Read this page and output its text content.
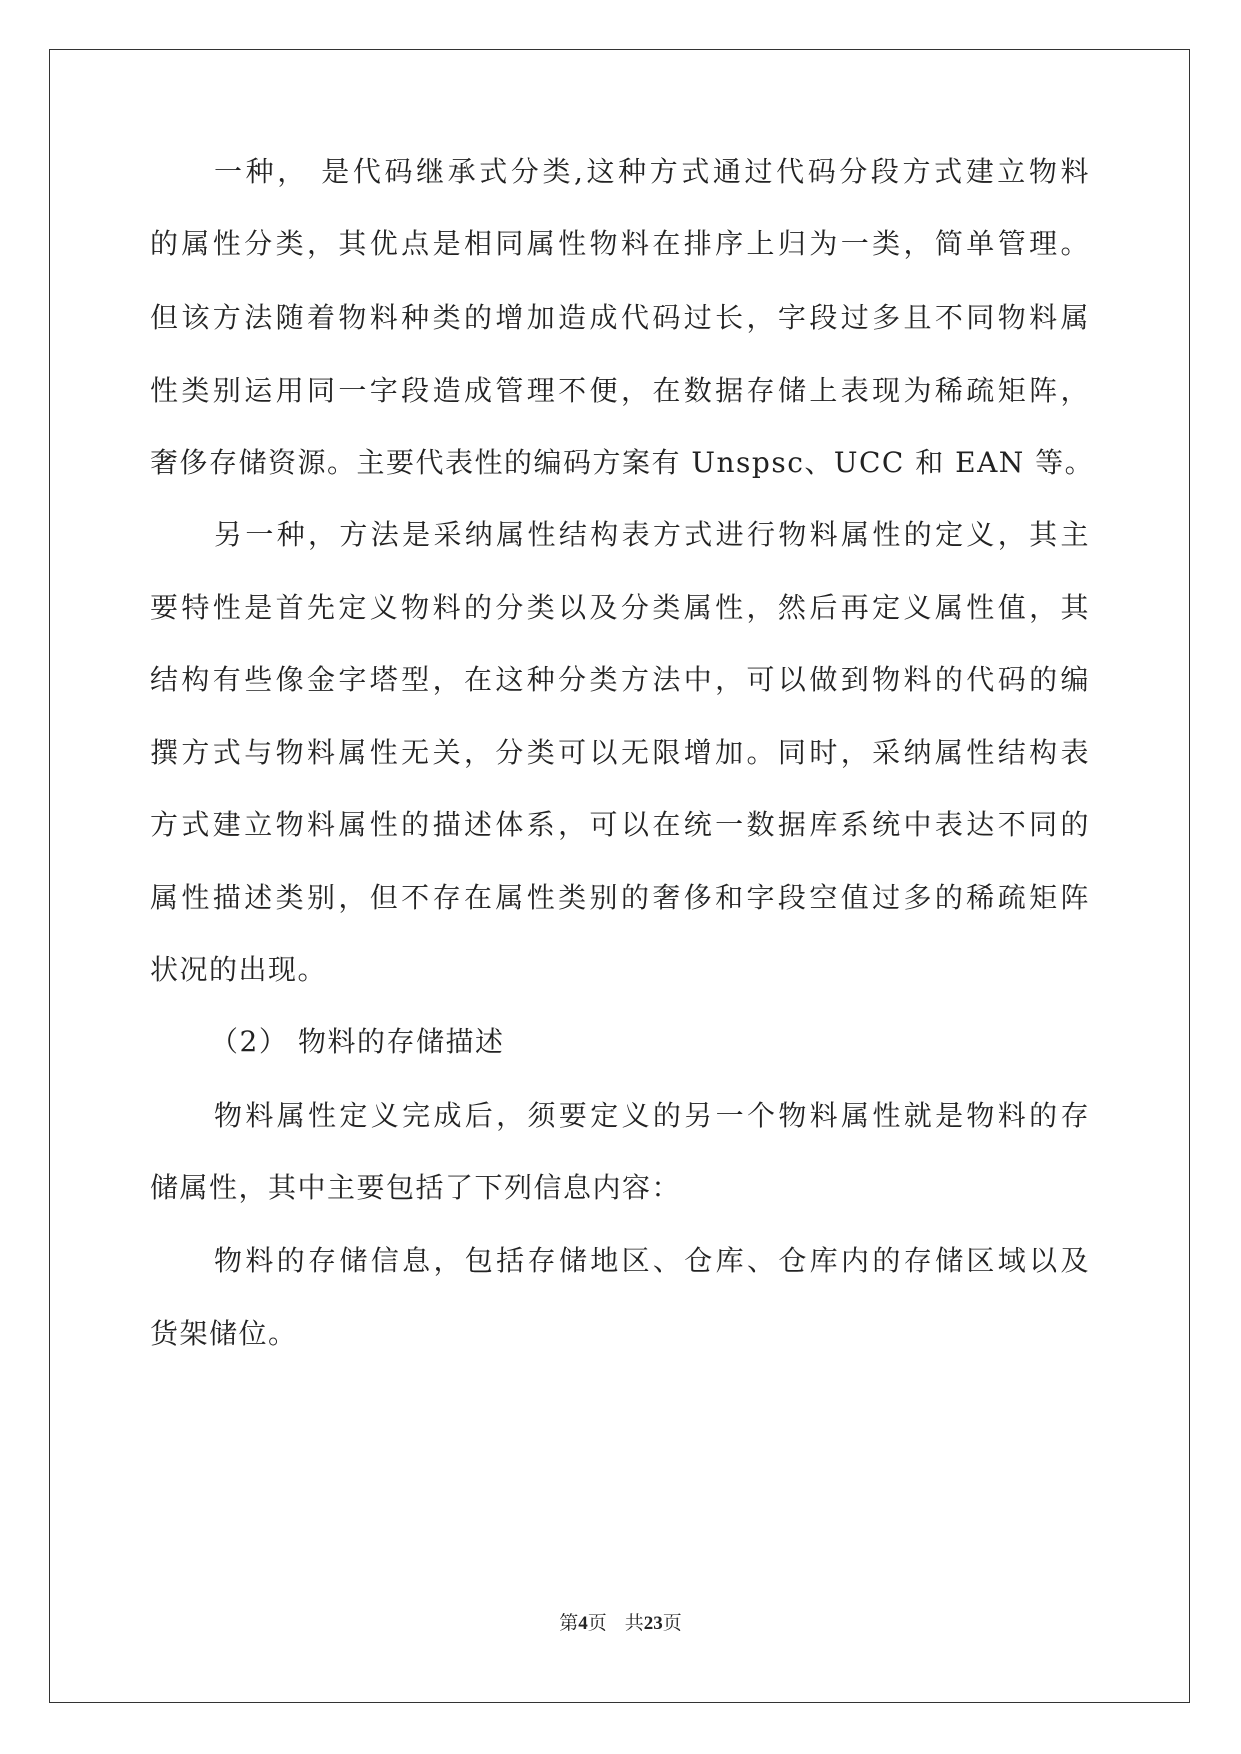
一种， 是代码继承式分类,这种方式通过代码分段方式建立物料

的属性分类，其优点是相同属性物料在排序上归为一类，简单管理。

但该方法随着物料种类的增加造成代码过长，字段过多且不同物料属

性类别运用同一字段造成管理不便，在数据存储上表现为稀疏矩阵，

奢侈存储资源。主要代表性的编码方案有 Unspsc、UCC 和 EAN 等。

另一种，方法是采纳属性结构表方式进行物料属性的定义，其主

要特性是首先定义物料的分类以及分类属性，然后再定义属性值，其

结构有些像金字塔型，在这种分类方法中，可以做到物料的代码的编

撰方式与物料属性无关，分类可以无限增加。同时，采纳属性结构表

方式建立物料属性的描述体系，可以在统一数据库系统中表达不同的

属性描述类别，但不存在属性类别的奢侈和字段空值过多的稀疏矩阵

状况的出现。

（2） 物料的存储描述

物料属性定义完成后，须要定义的另一个物料属性就是物料的存

储属性，其中主要包括了下列信息内容：

物料的存储信息，包括存储地区、仓库、仓库内的存储区域以及

货架储位。

第4页 共23页
